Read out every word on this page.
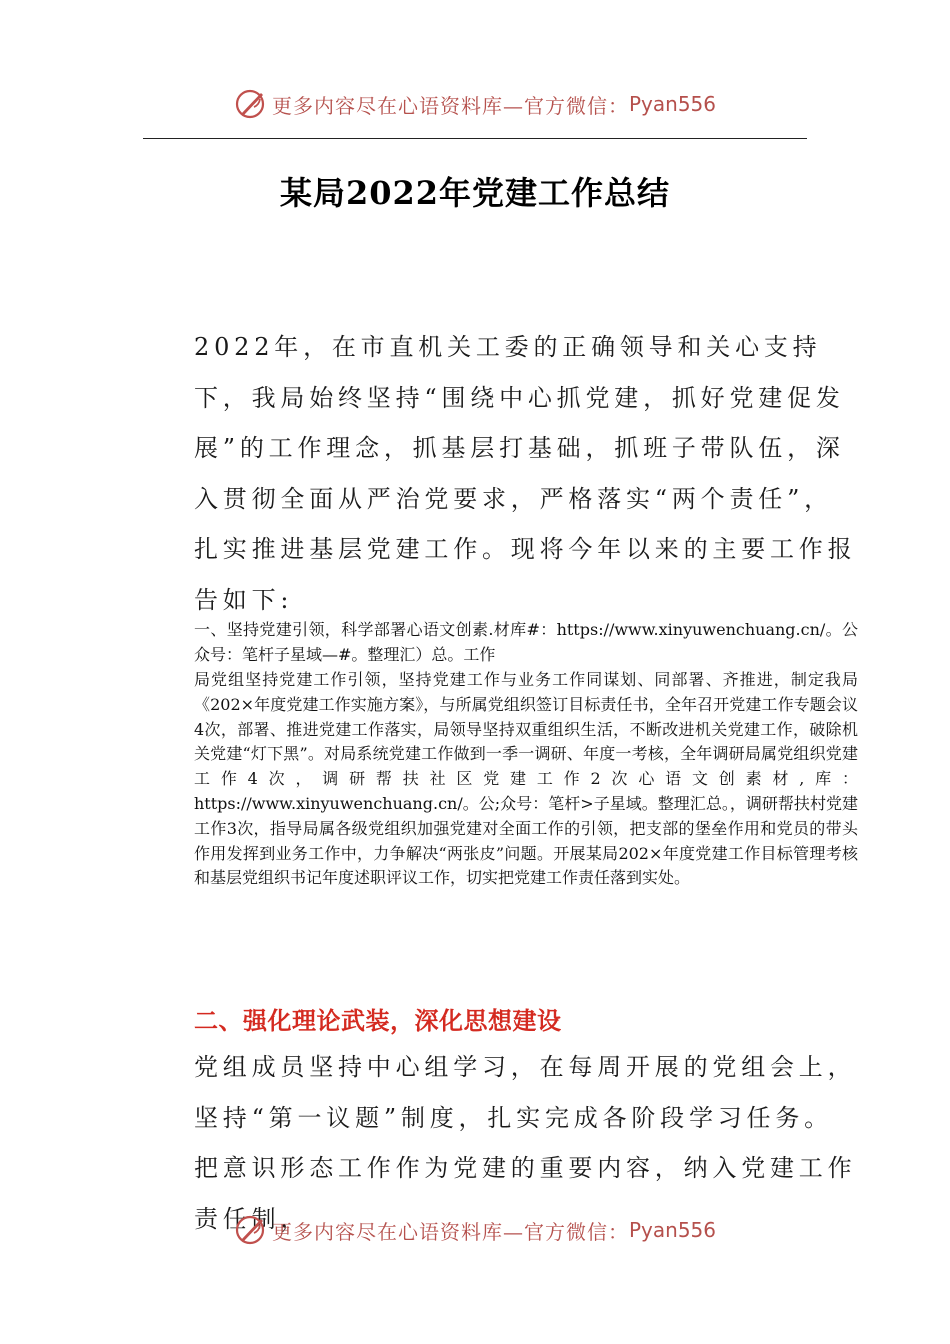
更多内容尽在心语资料库—官方微信： Pyan556
某局2022年党建工作总结

2022年，在市直机关工委的正确领导和关心支持下，我局始终坚持“围绕中心抓党建，抓好党建促发展”的工作理念，抓基层打基础，抓班子带队伍，深入贯彻全面从严治党要求，严格落实“两个责任”，扎实推进基层党建工作。现将今年以来的主要工作报告如下:

一、坚持党建引领，科学部署心语文创素.材库#：https://www.xinyuwenchuang.cn/。公众号：笔杆子星域—#。整理汇）总。工作

局党组坚持党建工作引领，坚持党建工作与业务工作同谋划、同部署、齐推进，制定我局《202×年度党建工作实施方案》，与所属党组织签订目标责任书，全年召开党建工作专题会议4次，部署、推进党建工作落实，局领导坚持双重组织生活，不断改进机关党建工作，破除机关党建“灯下黑”。对局系统党建工作做到一季一调研、年度一考核，全年调研局属党组织党建工作4次，调研帮扶社区党建工作2次心语文创素材,库：https://www.xinyuwenchuang.cn/。公;众号：笔杆>子星域。整理汇总。，调研帮扶村党建工作3次，指导局属各级党组织加强党建对全面工作的引领，把支部的堡垒作用和党员的带头作用发挥到业务工作中，力争解决“两张皮”问题。开展某局202×年度党建工作目标管理考核和基层党组织书记年度述职评议工作，切实把党建工作责任落到实处。

二、强化理论武装，深化思想建设

党组成员坚持中心组学习，在每周开展的党组会上，坚持“第一议题”制度，扎实完成各阶段学习任务。把意识形态工作作为党建的重要内容，纳入党建工作责任制，

更多内容尽在心语资料库—官方微信： Pyan556
